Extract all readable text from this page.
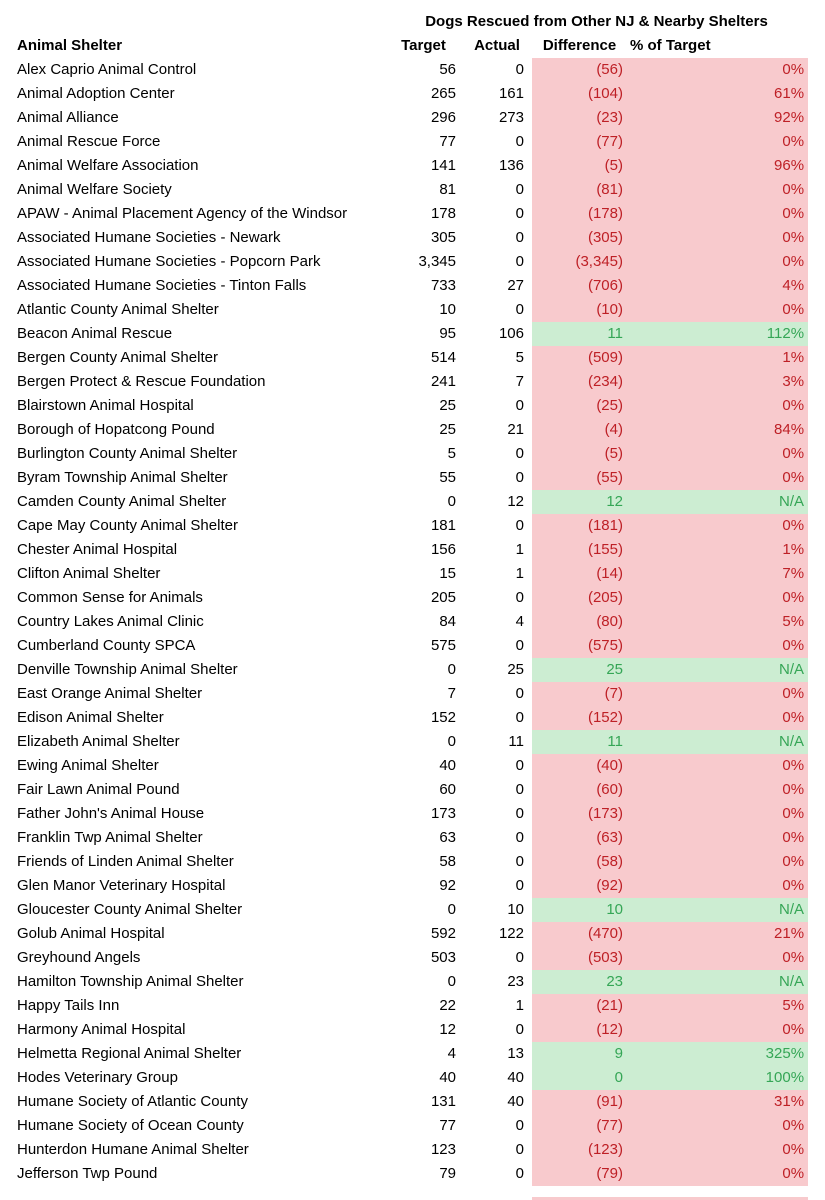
	Dogs Rescued from Other NJ & Nearby Shelters			
Animal Shelter	Target	Actual	Difference	% of Target
Alex Caprio Animal Control	56	0	(56)	0%
Animal Adoption Center	265	161	(104)	61%
Animal Alliance	296	273	(23)	92%
Animal Rescue Force	77	0	(77)	0%
Animal Welfare Association	141	136	(5)	96%
Animal Welfare Society	81	0	(81)	0%
APAW - Animal Placement Agency of the Windsor	178	0	(178)	0%
Associated Humane Societies - Newark	305	0	(305)	0%
Associated Humane Societies - Popcorn Park	3,345	0	(3,345)	0%
Associated Humane Societies - Tinton Falls	733	27	(706)	4%
Atlantic County Animal Shelter	10	0	(10)	0%
Beacon Animal Rescue	95	106	11	112%
Bergen County Animal Shelter	514	5	(509)	1%
Bergen Protect & Rescue Foundation	241	7	(234)	3%
Blairstown Animal Hospital	25	0	(25)	0%
Borough of Hopatcong Pound	25	21	(4)	84%
Burlington County Animal Shelter	5	0	(5)	0%
Byram Township Animal Shelter	55	0	(55)	0%
Camden County Animal Shelter	0	12	12	N/A
Cape May County Animal Shelter	181	0	(181)	0%
Chester Animal Hospital	156	1	(155)	1%
Clifton Animal Shelter	15	1	(14)	7%
Common Sense for Animals	205	0	(205)	0%
Country Lakes Animal Clinic	84	4	(80)	5%
Cumberland County SPCA	575	0	(575)	0%
Denville Township Animal Shelter	0	25	25	N/A
East Orange Animal Shelter	7	0	(7)	0%
Edison Animal Shelter	152	0	(152)	0%
Elizabeth Animal Shelter	0	11	11	N/A
Ewing Animal Shelter	40	0	(40)	0%
Fair Lawn Animal Pound	60	0	(60)	0%
Father John's Animal House	173	0	(173)	0%
Franklin Twp Animal Shelter	63	0	(63)	0%
Friends of Linden Animal Shelter	58	0	(58)	0%
Glen Manor Veterinary Hospital	92	0	(92)	0%
Gloucester County Animal Shelter	0	10	10	N/A
Golub Animal Hospital	592	122	(470)	21%
Greyhound Angels	503	0	(503)	0%
Hamilton Township Animal Shelter	0	23	23	N/A
Happy Tails Inn	22	1	(21)	5%
Harmony Animal Hospital	12	0	(12)	0%
Helmetta Regional Animal Shelter	4	13	9	325%
Hodes Veterinary Group	40	40	0	100%
Humane Society of Atlantic County	131	40	(91)	31%
Humane Society of Ocean County	77	0	(77)	0%
Hunterdon Humane Animal Shelter	123	0	(123)	0%
Jefferson Twp Pound	79	0	(79)	0%
